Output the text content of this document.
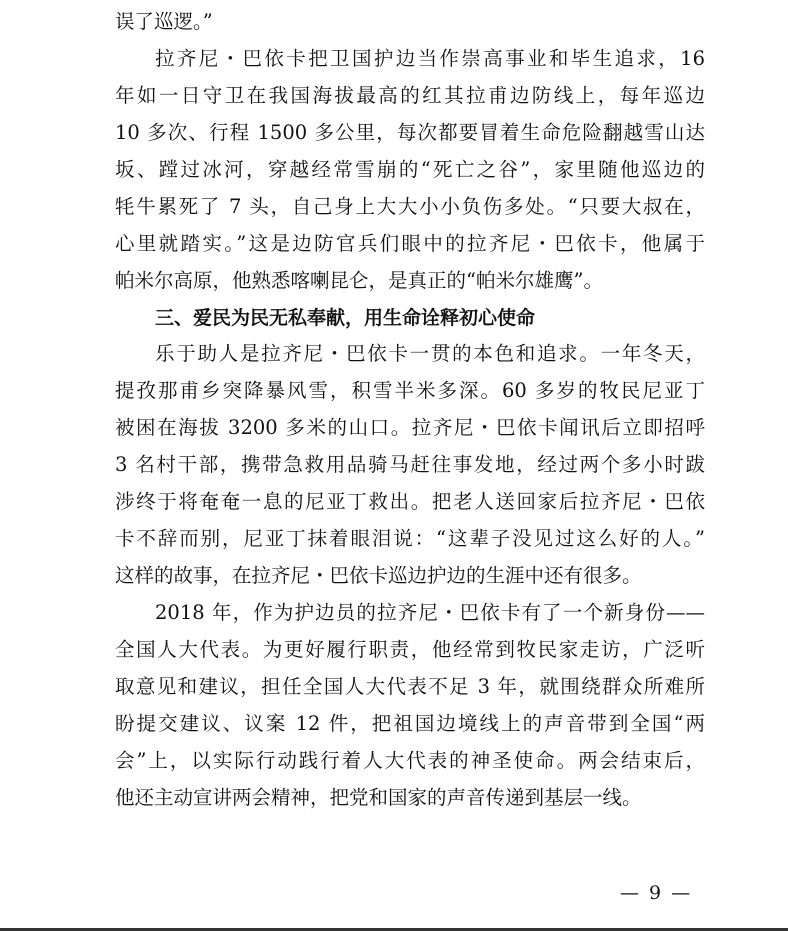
误了巡逻。”
拉齐尼・巴依卡把卫国护边当作崇高事业和毕生追求，16
年如一日守卫在我国海拔最高的红其拉甫边防线上，每年巡边
10 多次、行程 1500 多公里，每次都要冒着生命危险翻越雪山达
坂、蹚过冰河，穿越经常雪崩的“死亡之谷”，家里随他巡边的
牦牛累死了 7 头，自己身上大大小小负伤多处。“只要大叔在，
心里就踏实。”这是边防官兵们眼中的拉齐尼・巴依卡，他属于
帕米尔高原，他熟悉喀喇昆仑，是真正的“帕米尔雄鹰”。
三、爱民为民无私奉献，用生命诠释初心使命
乐于助人是拉齐尼・巴依卡一贯的本色和追求。一年冬天，
提孜那甫乡突降暴风雪，积雪半米多深。60 多岁的牧民尼亚丁
被困在海拔 3200 多米的山口。拉齐尼・巴依卡闻讯后立即招呼
3 名村干部，携带急救用品骑马赶往事发地，经过两个多小时跋
涉终于将奄奄一息的尼亚丁救出。把老人送回家后拉齐尼・巴依
卡不辞而别，尼亚丁抹着眼泪说：“这辈子没见过这么好的人。”
这样的故事，在拉齐尼・巴依卡巡边护边的生涯中还有很多。
2018 年，作为护边员的拉齐尼・巴依卡有了一个新身份——
全国人大代表。为更好履行职责，他经常到牧民家走访，广泛听
取意见和建议，担任全国人大代表不足 3 年，就围绕群众所难所
盼提交建议、议案 12 件，把祖国边境线上的声音带到全国“两
会”上，以实际行动践行着人大代表的神圣使命。两会结束后，
他还主动宣讲两会精神，把党和国家的声音传递到基层一线。
— 9 —
